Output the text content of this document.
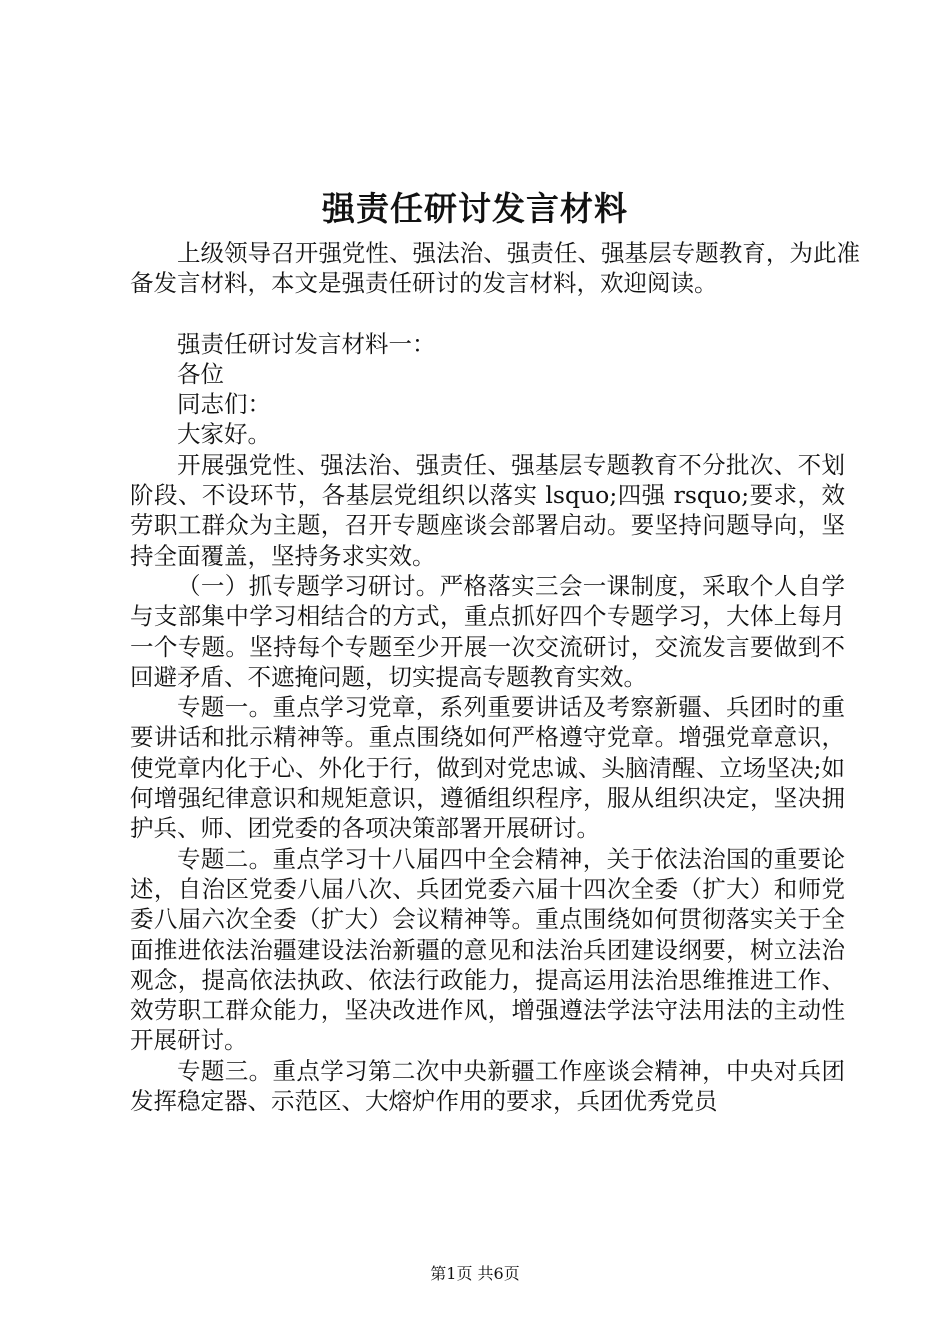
强责任研讨发言材料

上级领导召开强党性、强法治、强责任、强基层专题教育，为此准备发言材料，本文是强责任研讨的发言材料，欢迎阅读。

强责任研讨发言材料一：

各位

同志们：

大家好。

开展强党性、强法治、强责任、强基层专题教育不分批次、不划阶段、不设环节，各基层党组织以落实 lsquo;四强 rsquo;要求，效劳职工群众为主题，召开专题座谈会部署启动。要坚持问题导向，坚持全面覆盖，坚持务求实效。

（一）抓专题学习研讨。严格落实三会一课制度，采取个人自学与支部集中学习相结合的方式，重点抓好四个专题学习，大体上每月一个专题。坚持每个专题至少开展一次交流研讨，交流发言要做到不回避矛盾、不遮掩问题，切实提高专题教育实效。

专题一。重点学习党章，系列重要讲话及考察新疆、兵团时的重要讲话和批示精神等。重点围绕如何严格遵守党章。增强党章意识，使党章内化于心、外化于行，做到对党忠诚、头脑清醒、立场坚决;如何增强纪律意识和规矩意识，遵循组织程序，服从组织决定，坚决拥护兵、师、团党委的各项决策部署开展研讨。

专题二。重点学习十八届四中全会精神，关于依法治国的重要论述，自治区党委八届八次、兵团党委六届十四次全委（扩大）和师党委八届六次全委（扩大）会议精神等。重点围绕如何贯彻落实关于全面推进依法治疆建设法治新疆的意见和法治兵团建设纲要，树立法治观念，提高依法执政、依法行政能力，提高运用法治思维推进工作、效劳职工群众能力，坚决改进作风，增强遵法学法守法用法的主动性开展研讨。

专题三。重点学习第二次中央新疆工作座谈会精神，中央对兵团发挥稳定器、示范区、大熔炉作用的要求，兵团优秀党员

第1页 共6页
